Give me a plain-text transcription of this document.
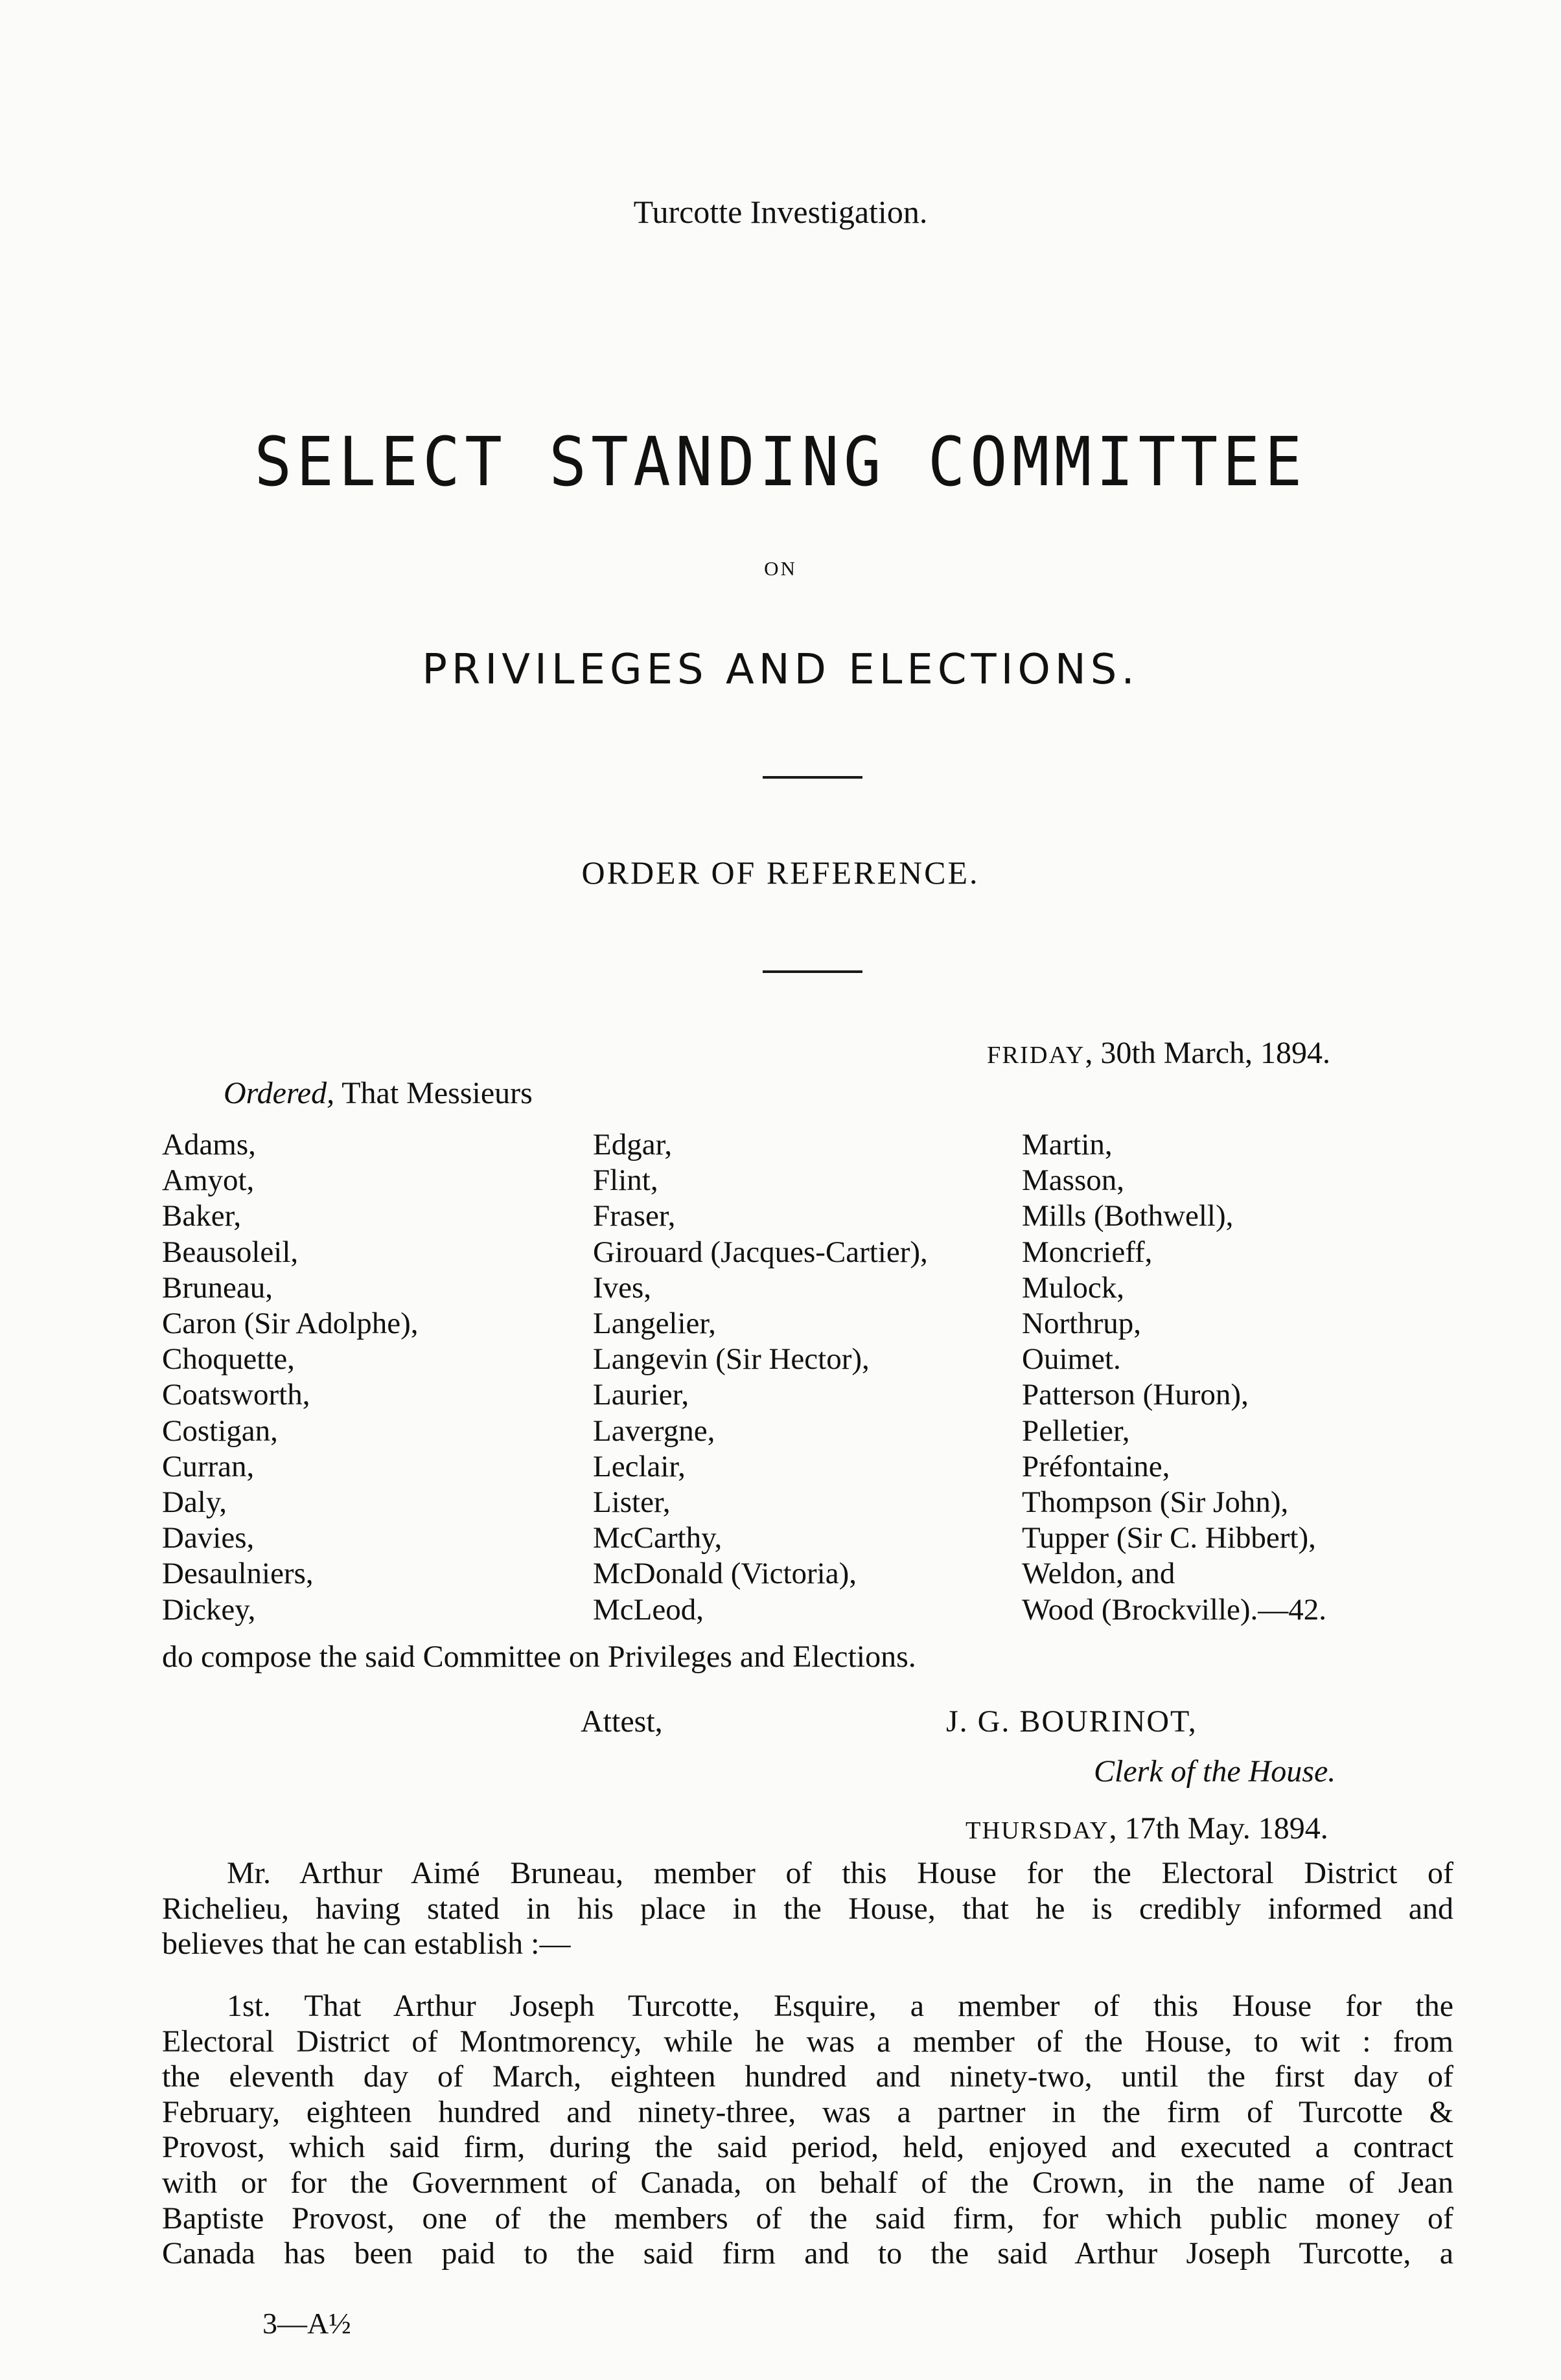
Turcotte Investigation.
SELECT STANDING COMMITTEE
ON
PRIVILEGES AND ELECTIONS.
ORDER OF REFERENCE.
FRIDAY, 30th March, 1894.
Ordered, That Messieurs
Adams,
Amyot,
Baker,
Beausoleil,
Bruneau,
Caron (Sir Adolphe),
Choquette,
Coatsworth,
Costigan,
Curran,
Daly,
Davies,
Desaulniers,
Dickey,
Edgar,
Flint,
Fraser,
Girouard (Jacques-Cartier),
Ives,
Langelier,
Langevin (Sir Hector),
Laurier,
Lavergne,
Leclair,
Lister,
McCarthy,
McDonald (Victoria),
McLeod,
Martin,
Masson,
Mills (Bothwell),
Moncrieff,
Mulock,
Northrup,
Ouimet.
Patterson (Huron),
Pelletier,
Préfontaine,
Thompson (Sir John),
Tupper (Sir C. Hibbert),
Weldon, and
Wood (Brockville).—42.
do compose the said Committee on Privileges and Elections.
Attest,	J. G. BOURINOT,
Clerk of the House.
THURSDAY, 17th May. 1894.
Mr. Arthur Aimé Bruneau, member of this House for the Electoral District of
Richelieu, having stated in his place in the House, that he is credibly informed and
believes that he can establish :—
1st. That Arthur Joseph Turcotte, Esquire, a member of this House for the
Electoral District of Montmorency, while he was a member of the House, to wit : from
the eleventh day of March, eighteen hundred and ninety-two, until the first day of
February, eighteen hundred and ninety-three, was a partner in the firm of Turcotte &
Provost, which said firm, during the said period, held, enjoyed and executed a contract
with or for the Government of Canada, on behalf of the Crown, in the name of Jean
Baptiste Provost, one of the members of the said firm, for which public money of
Canada has been paid to the said firm and to the said Arthur Joseph Turcotte, a
3—A½
